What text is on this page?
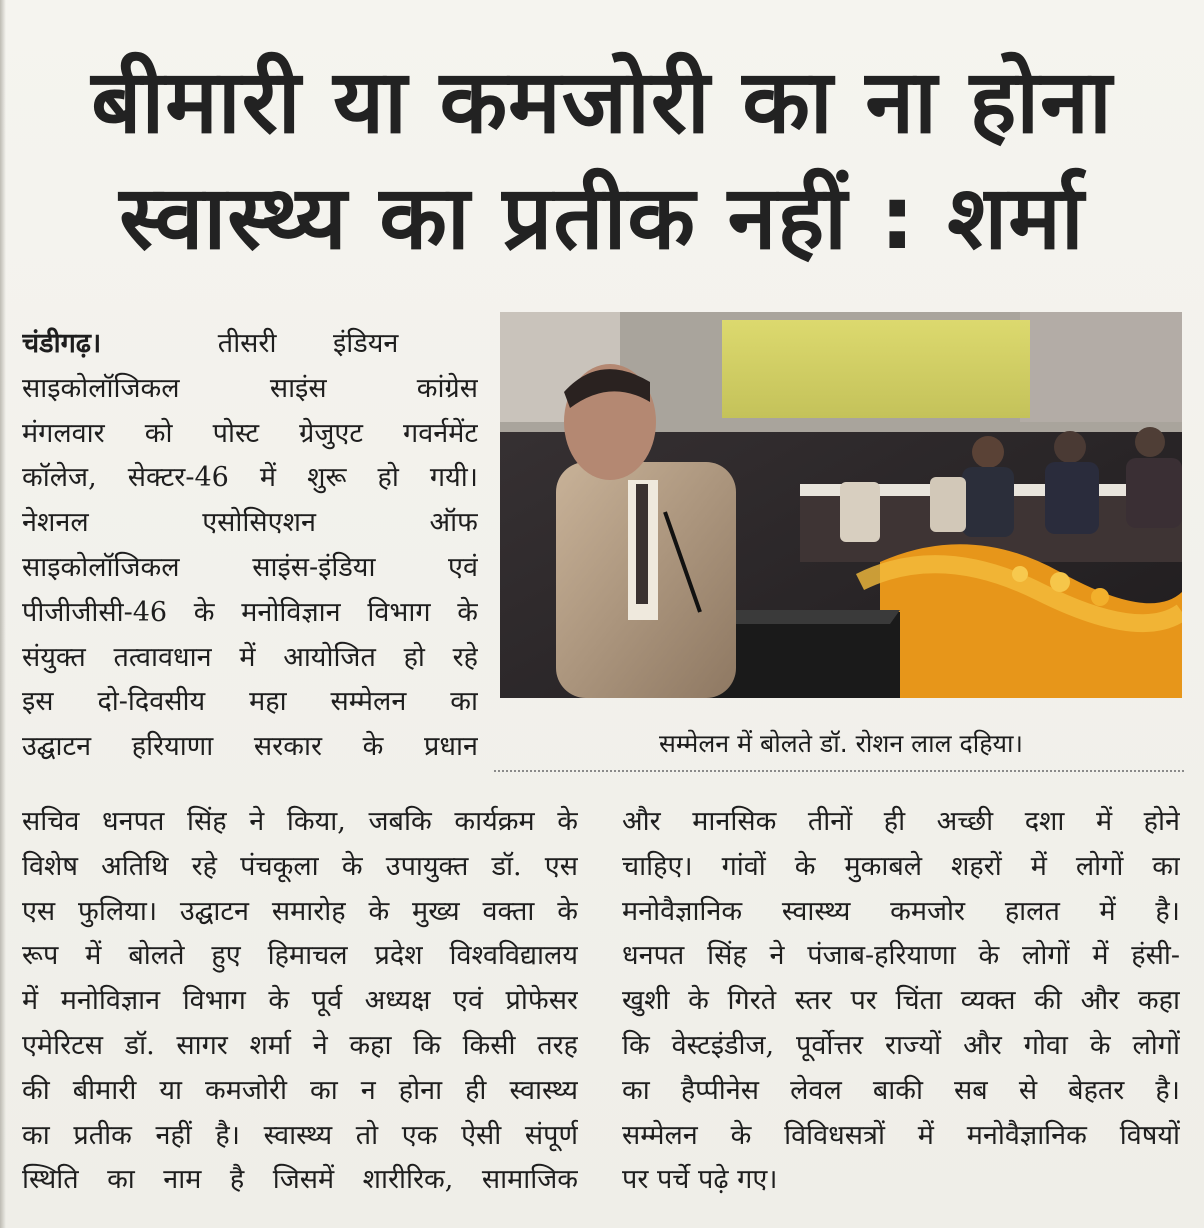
बीमारी या कमजोरी का ना होना
स्वास्थ्य का प्रतीक नहीं : शर्मा

चंडीगढ़। तीसरी इंडियन

साइकोलॉजिकल साइंस कांग्रेस

मंगलवार को पोस्ट ग्रेजुएट गवर्नमेंट

कॉलेज, सेक्टर-46 में शुरू हो गयी।

नेशनल एसोसिएशन ऑफ

साइकोलॉजिकल साइंस-इंडिया एवं

पीजीजीसी-46 के मनोविज्ञान विभाग के

संयुक्त तत्वावधान में आयोजित हो रहे

इस दो-दिवसीय महा सम्मेलन का

उद्घाटन हरियाणा सरकार के प्रधान	सम्मेलन में बोलते डॉ. रोशन लाल दहिया।

सचिव धनपत सिंह ने किया, जबकि कार्यक्रम के

विशेष अतिथि रहे पंचकूला के उपायुक्त डॉ. एस

एस फुलिया। उद्घाटन समारोह के मुख्य वक्ता के

रूप में बोलते हुए हिमाचल प्रदेश विश्वविद्यालय

में मनोविज्ञान विभाग के पूर्व अध्यक्ष एवं प्रोफेसर

एमेरिटस डॉ. सागर शर्मा ने कहा कि किसी तरह

की बीमारी या कमजोरी का न होना ही स्वास्थ्य

का प्रतीक नहीं है। स्वास्थ्य तो एक ऐसी संपूर्ण

स्थिति का नाम है जिसमें शारीरिक, सामाजिक

और मानसिक तीनों ही अच्छी दशा में होने

चाहिए। गांवों के मुकाबले शहरों में लोगों का

मनोवैज्ञानिक स्वास्थ्य कमजोर हालत में है।

धनपत सिंह ने पंजाब-हरियाणा के लोगों में हंसी-

खुशी के गिरते स्तर पर चिंता व्यक्त की और कहा

कि वेस्टइंडीज, पूर्वोत्तर राज्यों और गोवा के लोगों

का हैप्पीनेस लेवल बाकी सब से बेहतर है।

सम्मेलन के विविधसत्रों में मनोवैज्ञानिक विषयों

पर पर्चे पढ़े गए।
